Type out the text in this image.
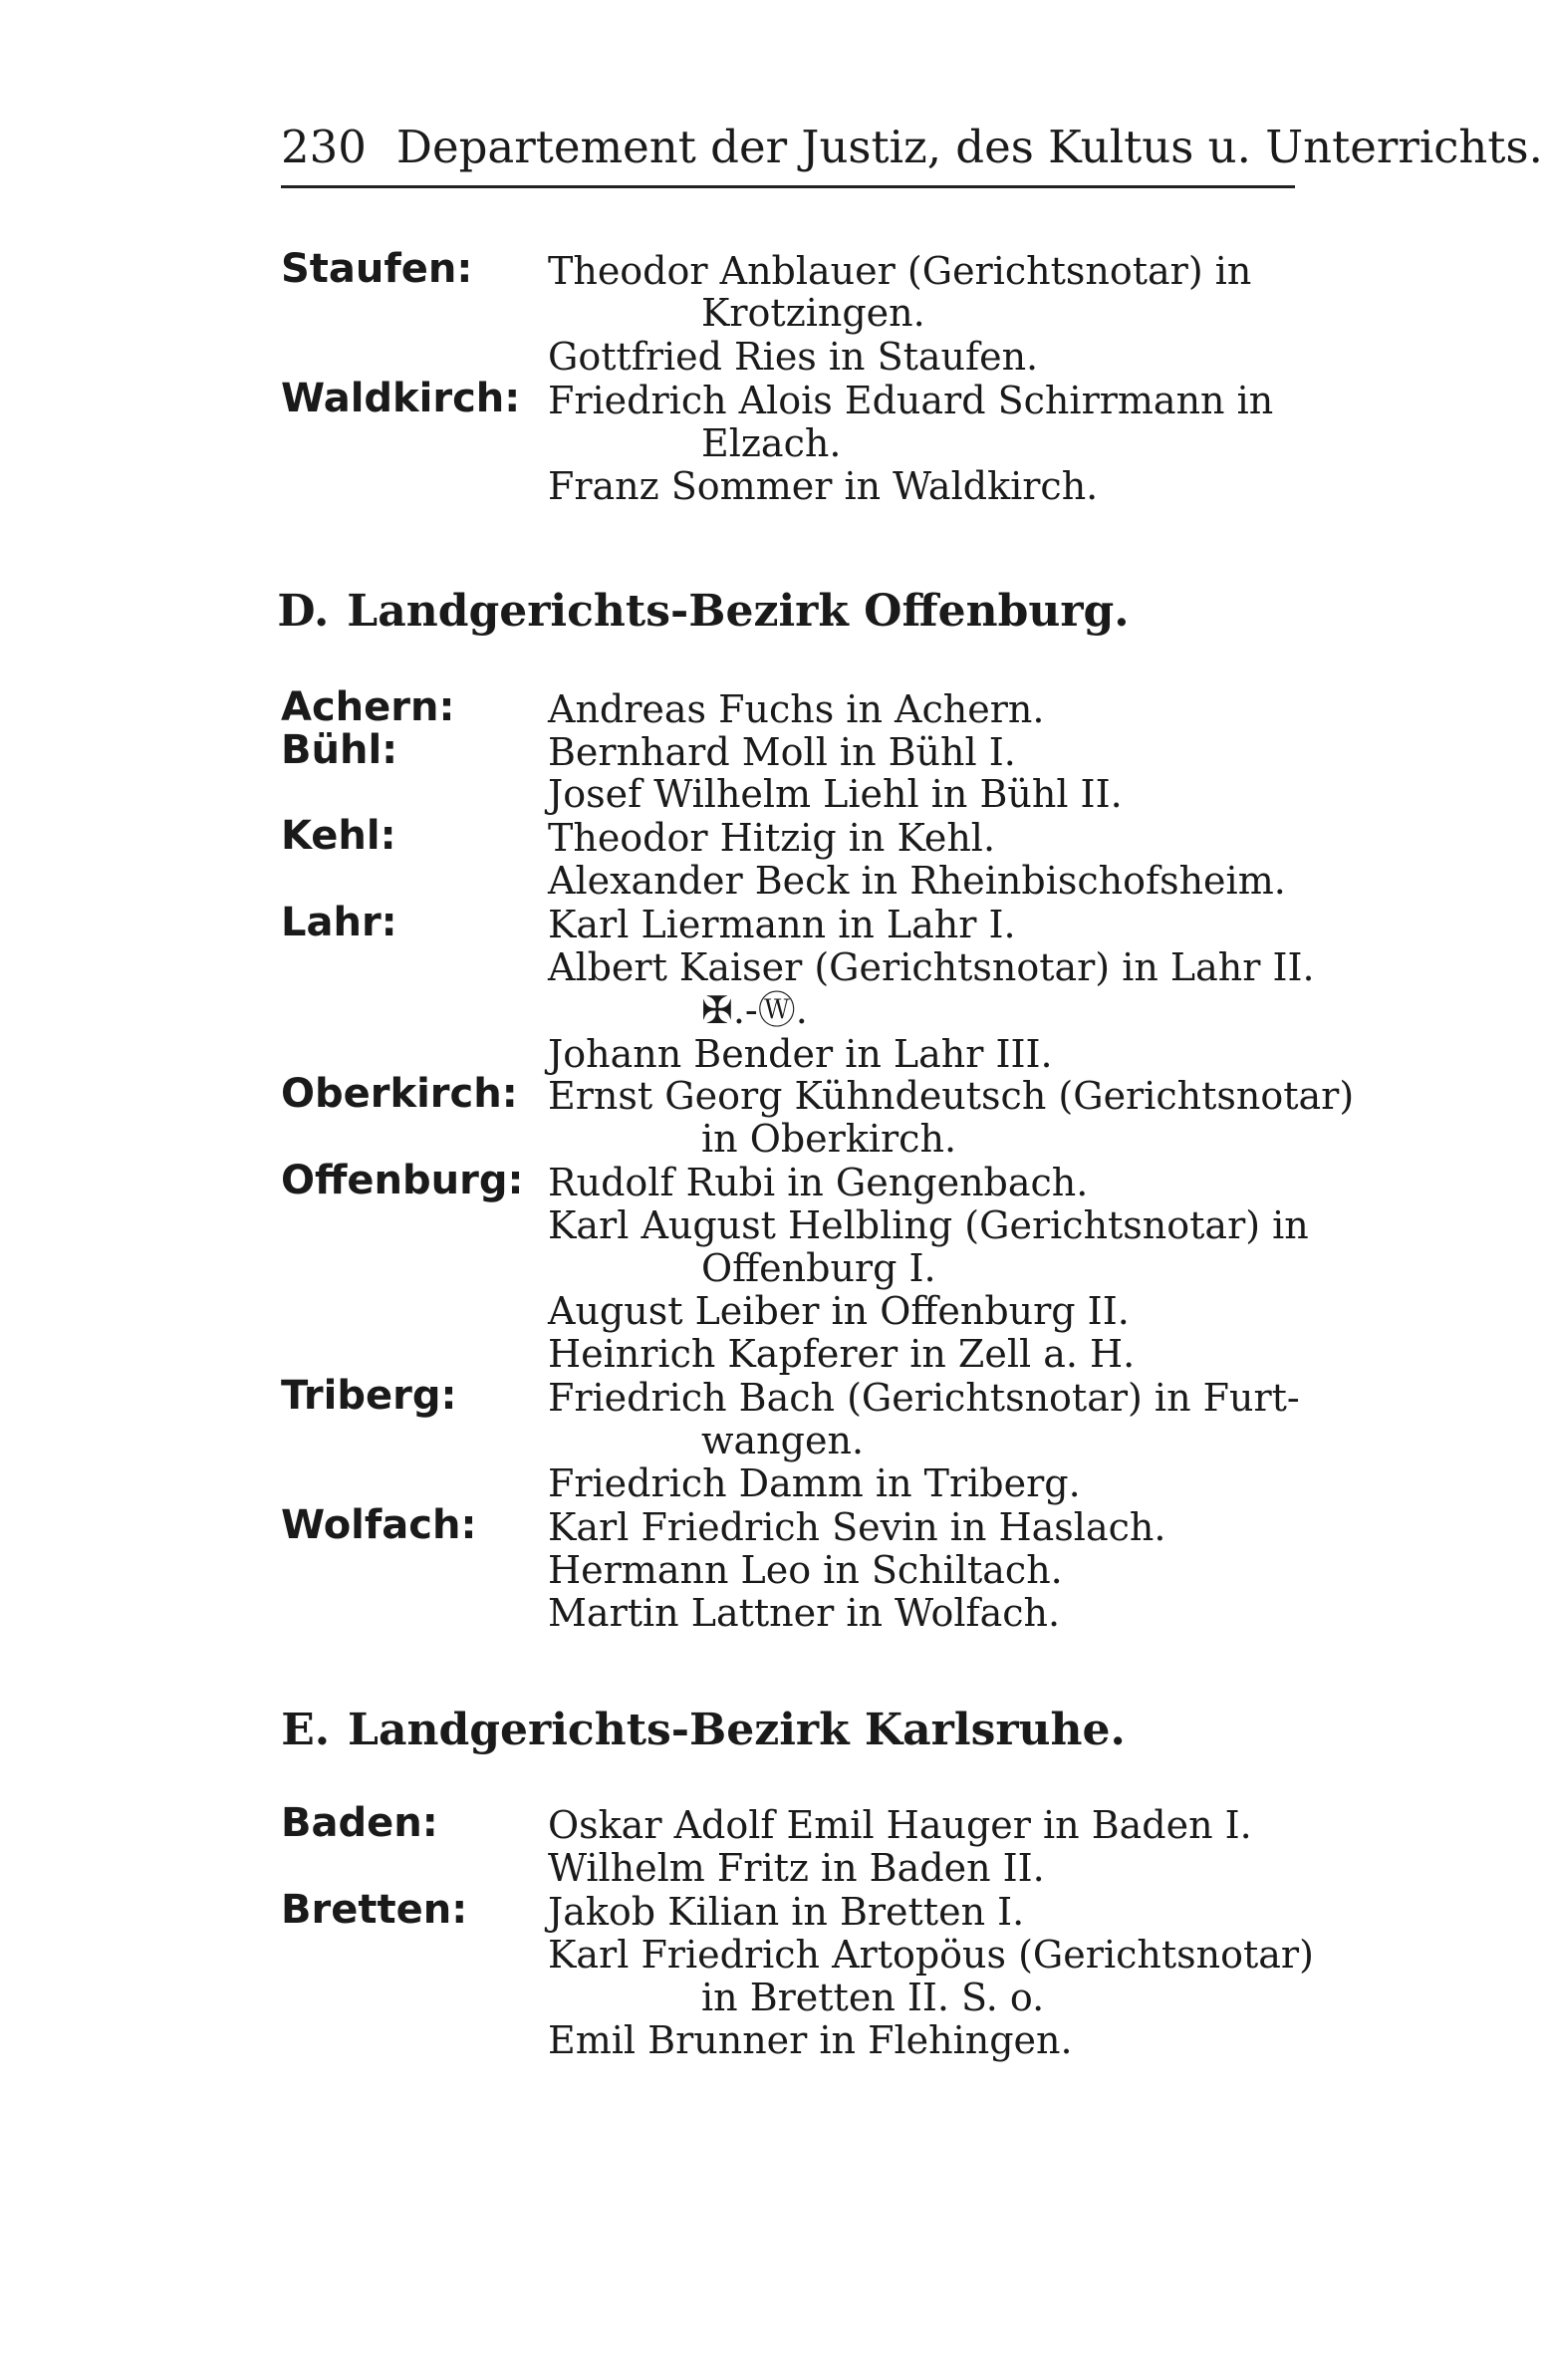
230 Departement der Justiz, des Kultus u. Unterrichts.
Staufen:	Theodor Anblauer (Gerichtsnotar) in
Krotzingen.
Gottfried Ries in Staufen.
Waldkirch: Friedrich Alois Eduard Schirrmann in
Elzach.
Franz Sommer in Waldkirch.
D. Landgerichts-Bezirk Offenburg.
Achern:	Andreas Fuchs in Achern.
Bühl:	Bernhard Moll in Bühl I.
Josef Wilhelm Liehl in Bühl II.
Kehl:	Theodor Hitzig in Kehl.
Alexander Beck in Rheinbischofsheim.
Lahr:	Karl Liermann in Lahr I.
Albert Kaiser (Gerichtsnotar) in Lahr II.
✠.-Ⓦ.
Johann Bender in Lahr III.
Oberkirch: Ernst Georg Kühndeutsch (Gerichtsnotar)
in Oberkirch.
Offenburg: Rudolf Rubi in Gengenbach.
Karl August Helbling (Gerichtsnotar) in
Offenburg I.
August Leiber in Offenburg II.
Heinrich Kapferer in Zell a. H.
Triberg:	Friedrich Bach (Gerichtsnotar) in Furt-
wangen.
Friedrich Damm in Triberg.
Wolfach:	Karl Friedrich Sevin in Haslach.
Hermann Leo in Schiltach.
Martin Lattner in Wolfach.
E. Landgerichts-Bezirk Karlsruhe.
Baden:	Oskar Adolf Emil Hauger in Baden I.
Wilhelm Fritz in Baden II.
Bretten:	Jakob Kilian in Bretten I.
Karl Friedrich Artopöus (Gerichtsnotar)
in Bretten II. S. o.
Emil Brunner in Flehingen.
